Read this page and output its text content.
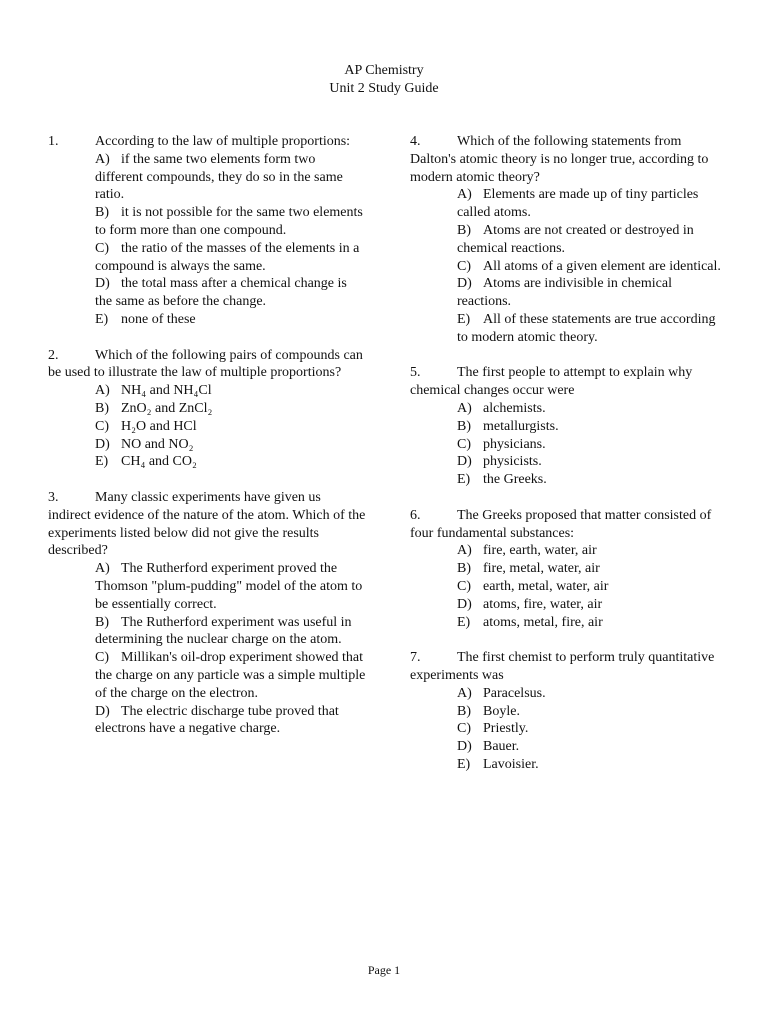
AP Chemistry
Unit 2 Study Guide
1.	According to the law of multiple proportions:
A) if the same two elements form two different compounds, they do so in the same ratio.
B) it is not possible for the same two elements to form more than one compound.
C) the ratio of the masses of the elements in a compound is always the same.
D) the total mass after a chemical change is the same as before the change.
E) none of these
2.	Which of the following pairs of compounds can be used to illustrate the law of multiple proportions?
A) NH₄ and NH₄Cl
B) ZnO₂ and ZnCl₂
C) H₂O and HCl
D) NO and NO₂
E) CH₄ and CO₂
3.	Many classic experiments have given us indirect evidence of the nature of the atom. Which of the experiments listed below did not give the results described?
A) The Rutherford experiment proved the Thomson "plum-pudding" model of the atom to be essentially correct.
B) The Rutherford experiment was useful in determining the nuclear charge on the atom.
C) Millikan's oil-drop experiment showed that the charge on any particle was a simple multiple of the charge on the electron.
D) The electric discharge tube proved that electrons have a negative charge.
4.	Which of the following statements from Dalton's atomic theory is no longer true, according to modern atomic theory?
A) Elements are made up of tiny particles called atoms.
B) Atoms are not created or destroyed in chemical reactions.
C) All atoms of a given element are identical.
D) Atoms are indivisible in chemical reactions.
E) All of these statements are true according to modern atomic theory.
5.	The first people to attempt to explain why chemical changes occur were
A) alchemists.
B) metallurgists.
C) physicians.
D) physicists.
E) the Greeks.
6.	The Greeks proposed that matter consisted of four fundamental substances:
A) fire, earth, water, air
B) fire, metal, water, air
C) earth, metal, water, air
D) atoms, fire, water, air
E) atoms, metal, fire, air
7.	The first chemist to perform truly quantitative experiments was
A) Paracelsus.
B) Boyle.
C) Priestly.
D) Bauer.
E) Lavoisier.
Page 1
